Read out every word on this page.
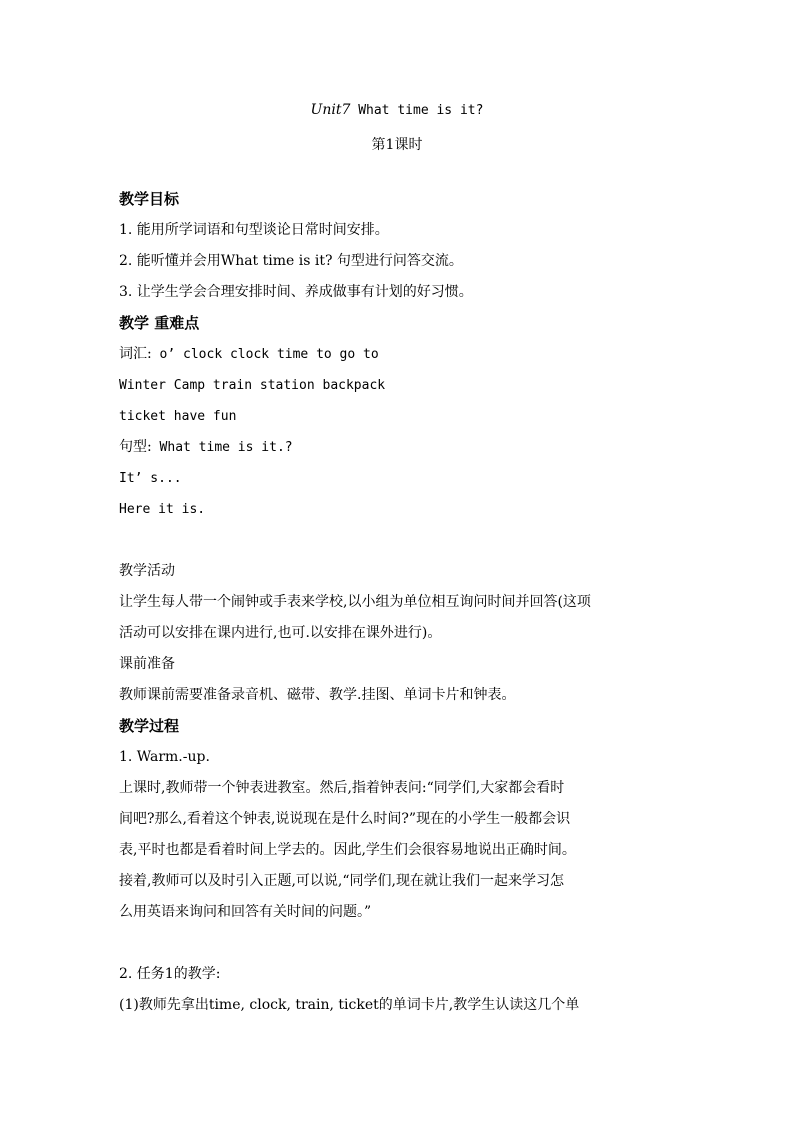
Unit7 What time is it?
第1课时
教学目标
1. 能用所学词语和句型谈论日常时间安排。
2. 能听懂并会用What time is it? 句型进行问答交流。
3. 让学生学会合理安排时间、养成做事有计划的好习惯。
教学 重难点
词汇: o’ clock clock time to go to
Winter Camp train station backpack
ticket have fun
句型: What time is it.?
It’ s...
Here it is.
教学活动
让学生每人带一个闹钟或手表来学校,以小组为单位相互询问时间并回答(这项
活动可以安排在课内进行,也可.以安排在课外进行)。
课前准备
教师课前需要准备录音机、磁带、教学.挂图、单词卡片和钟表。
教学过程
1. Warm.-up.
上课时,教师带一个钟表进教室。然后,指着钟表问:“同学们,大家都会看时
间吧?那么,看着这个钟表,说说现在是什么时间?”现在的小学生一般都会识
表,平时也都是看着时间上学去的。因此,学生们会很容易地说出正确时间。
接着,教师可以及时引入正题,可以说,“同学们,现在就让我们一起来学习怎
么用英语来询问和回答有关时间的问题。”
2. 任务1的教学:
(1)教师先拿出time, clock, train, ticket的单词卡片,教学生认读这几个单
